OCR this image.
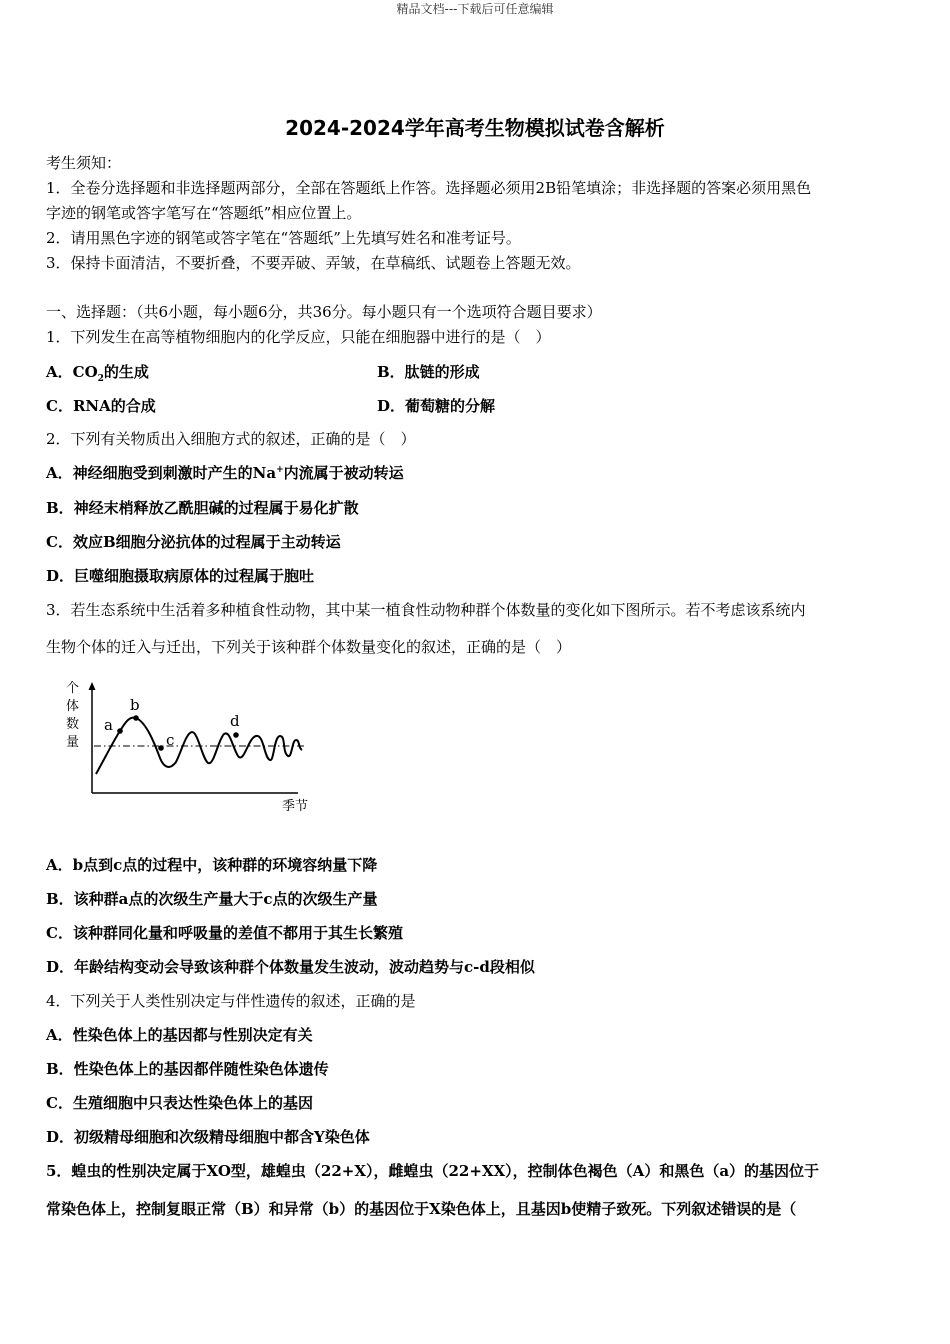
精品文档---下载后可任意编辑
2024-2024学年高考生物模拟试卷含解析
考生须知：
1．全卷分选择题和非选择题两部分，全部在答题纸上作答。选择题必须用2B铅笔填涂；非选择题的答案必须用黑色
字迹的钢笔或答字笔写在“答题纸”相应位置上。
2．请用黑色字迹的钢笔或答字笔在“答题纸”上先填写姓名和准考证号。
3．保持卡面清洁，不要折叠，不要弄破、弄皱，在草稿纸、试题卷上答题无效。
一、选择题：（共6小题，每小题6分，共36分。每小题只有一个选项符合题目要求）
1．下列发生在高等植物细胞内的化学反应，只能在细胞器中进行的是（　）
A．$CO_2$的生成	B．肽链的形成
C．RNA的合成	D．葡萄糖的分解
2．下列有关物质出入细胞方式的叙述，正确的是（　）
A．神经细胞受到刺激时产生的Na+内流属于被动转运
B．神经末梢释放乙酰胆碱的过程属于易化扩散
C．效应B细胞分泌抗体的过程属于主动转运
D．巨噬细胞摄取病原体的过程属于胞吐
3．若生态系统中生活着多种植食性动物，其中某一植食性动物种群个体数量的变化如下图所示。若不考虑该系统内
生物个体的迁入与迁出，下列关于该种群个体数量变化的叙述，正确的是（　）
个
体
数
量
季节
a
b
c
d
A．b点到c点的过程中，该种群的环境容纳量下降
B．该种群a点的次级生产量大于c点的次级生产量
C．该种群同化量和呼吸量的差值不都用于其生长繁殖
D．年龄结构变动会导致该种群个体数量发生波动，波动趋势与c-d段相似
4．下列关于人类性别决定与伴性遗传的叙述，正确的是
A．性染色体上的基因都与性别决定有关
B．性染色体上的基因都伴随性染色体遗传
C．生殖细胞中只表达性染色体上的基因
D．初级精母细胞和次级精母细胞中都含Y染色体
5．蝗虫的性别决定属于XO型，雄蝗虫（22+X），雌蝗虫（22+XX），控制体色褐色（A）和黑色（a）的基因位于
常染色体上，控制复眼正常（B）和异常（b）的基因位于X染色体上，且基因b使精子致死。下列叙述错误的是（
